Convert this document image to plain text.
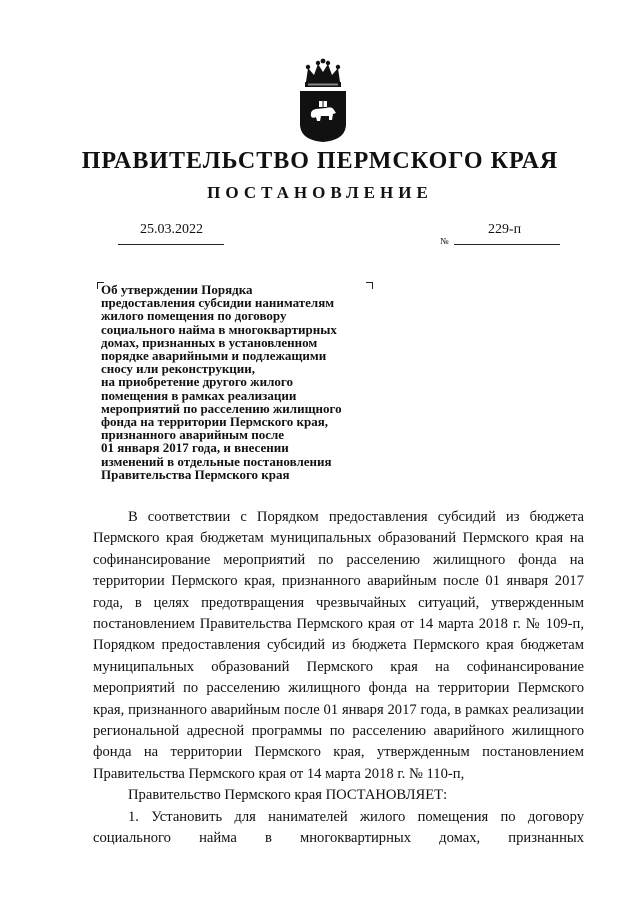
ПРАВИТЕЛЬСТВО ПЕРМСКОГО КРАЯ
ПОСТАНОВЛЕНИЕ
25.03.2022
№
229-п
Об утверждении Порядка
предоставления субсидии нанимателям
жилого помещения по договору
социального найма в многоквартирных
домах, признанных в установленном
порядке аварийными и подлежащими
сносу или реконструкции,
на приобретение другого жилого
помещения в рамках реализации
мероприятий по расселению жилищного
фонда на территории Пермского края,
признанного аварийным после
01 января 2017 года, и внесении
изменений в отдельные постановления
Правительства Пермского края

В соответствии с Порядком предоставления субсидий из бюджета Пермского края бюджетам муниципальных образований Пермского края на софинансирование мероприятий по расселению жилищного фонда на территории Пермского края, признанного аварийным после 01 января 2017 года, в целях предотвращения чрезвычайных ситуаций, утвержденным постановлением Правительства Пермского края от 14 марта 2018 г. № 109-п, Порядком предоставления субсидий из бюджета Пермского края бюджетам муниципальных образований Пермского края на софинансирование мероприятий по расселению жилищного фонда на территории Пермского края, признанного аварийным после 01 января 2017 года, в рамках реализации региональной адресной программы по расселению аварийного жилищного фонда на территории Пермского края, утвержденным постановлением Правительства Пермского края от 14 марта 2018 г. № 110-п,

Правительство Пермского края ПОСТАНОВЛЯЕТ:

1. Установить для нанимателей жилого помещения по договору социального найма в многоквартирных домах, признанных
